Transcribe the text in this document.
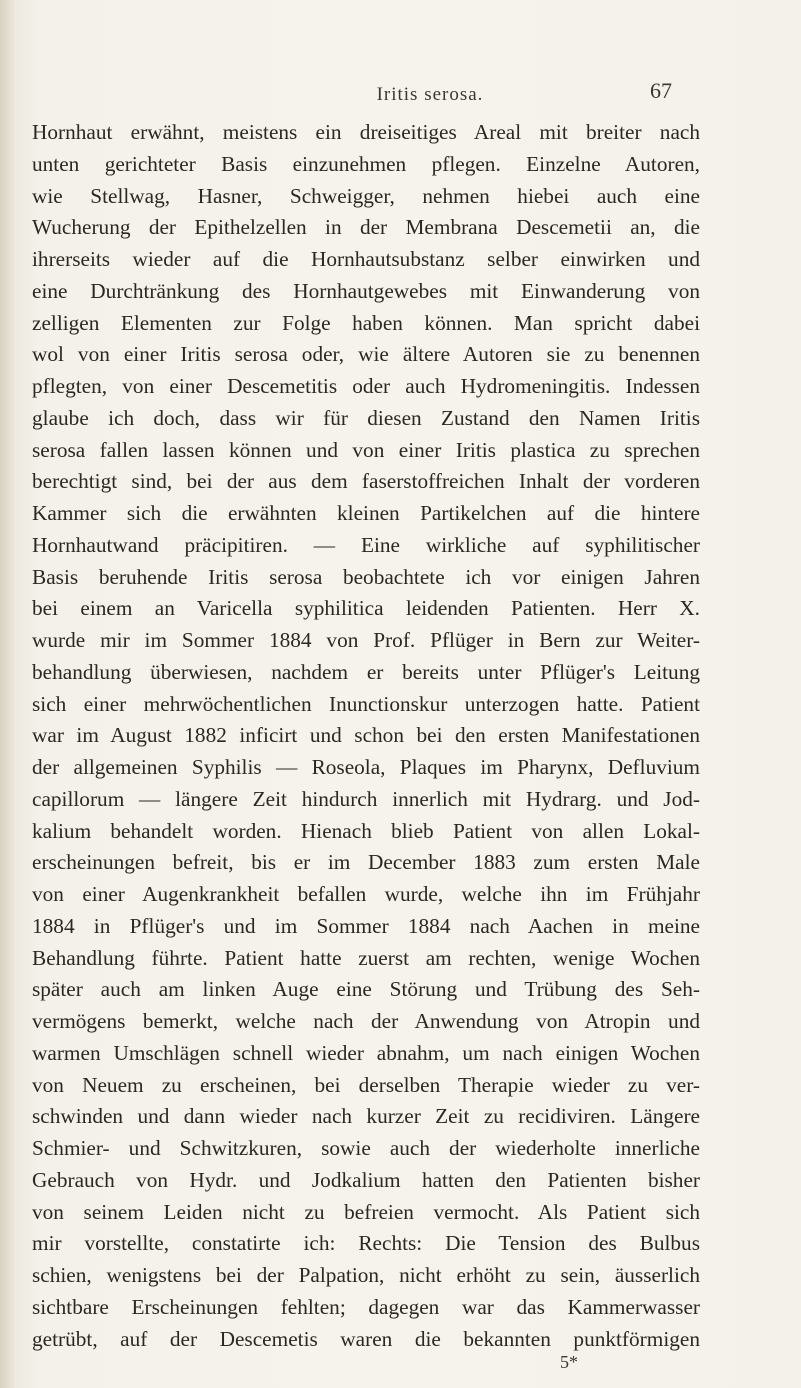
Iritis serosa.	67
Hornhaut erwähnt, meistens ein dreiseitiges Areal mit breiter nach
unten gerichteter Basis einzunehmen pflegen. Einzelne Autoren,
wie Stellwag, Hasner, Schweigger, nehmen hiebei auch eine
Wucherung der Epithelzellen in der Membrana Descemetii an, die
ihrerseits wieder auf die Hornhautsubstanz selber einwirken und
eine Durchtränkung des Hornhautgewebes mit Einwanderung von
zelligen Elementen zur Folge haben können. Man spricht dabei
wol von einer Iritis serosa oder, wie ältere Autoren sie zu benennen
pflegten, von einer Descemetitis oder auch Hydromeningitis. Indessen
glaube ich doch, dass wir für diesen Zustand den Namen Iritis
serosa fallen lassen können und von einer Iritis plastica zu sprechen
berechtigt sind, bei der aus dem faserstoffreichen Inhalt der vorderen
Kammer sich die erwähnten kleinen Partikelchen auf die hintere
Hornhautwand präcipitiren. — Eine wirkliche auf syphilitischer
Basis beruhende Iritis serosa beobachtete ich vor einigen Jahren
bei einem an Varicella syphilitica leidenden Patienten. Herr X.
wurde mir im Sommer 1884 von Prof. Pflüger in Bern zur Weiter-
behandlung überwiesen, nachdem er bereits unter Pflüger's Leitung
sich einer mehrwöchentlichen Inunctionskur unterzogen hatte. Patient
war im August 1882 inficirt und schon bei den ersten Manifestationen
der allgemeinen Syphilis — Roseola, Plaques im Pharynx, Defluvium
capillorum — längere Zeit hindurch innerlich mit Hydrarg. und Jod-
kalium behandelt worden. Hienach blieb Patient von allen Lokal-
erscheinungen befreit, bis er im December 1883 zum ersten Male
von einer Augenkrankheit befallen wurde, welche ihn im Frühjahr
1884 in Pflüger's und im Sommer 1884 nach Aachen in meine
Behandlung führte. Patient hatte zuerst am rechten, wenige Wochen
später auch am linken Auge eine Störung und Trübung des Seh-
vermögens bemerkt, welche nach der Anwendung von Atropin und
warmen Umschlägen schnell wieder abnahm, um nach einigen Wochen
von Neuem zu erscheinen, bei derselben Therapie wieder zu ver-
schwinden und dann wieder nach kurzer Zeit zu recidiviren. Längere
Schmier- und Schwitzkuren, sowie auch der wiederholte innerliche
Gebrauch von Hydr. und Jodkalium hatten den Patienten bisher
von seinem Leiden nicht zu befreien vermocht. Als Patient sich
mir vorstellte, constatirte ich: Rechts: Die Tension des Bulbus
schien, wenigstens bei der Palpation, nicht erhöht zu sein, äusserlich
sichtbare Erscheinungen fehlten; dagegen war das Kammerwasser
getrübt, auf der Descemetis waren die bekannten punktförmigen
5*
